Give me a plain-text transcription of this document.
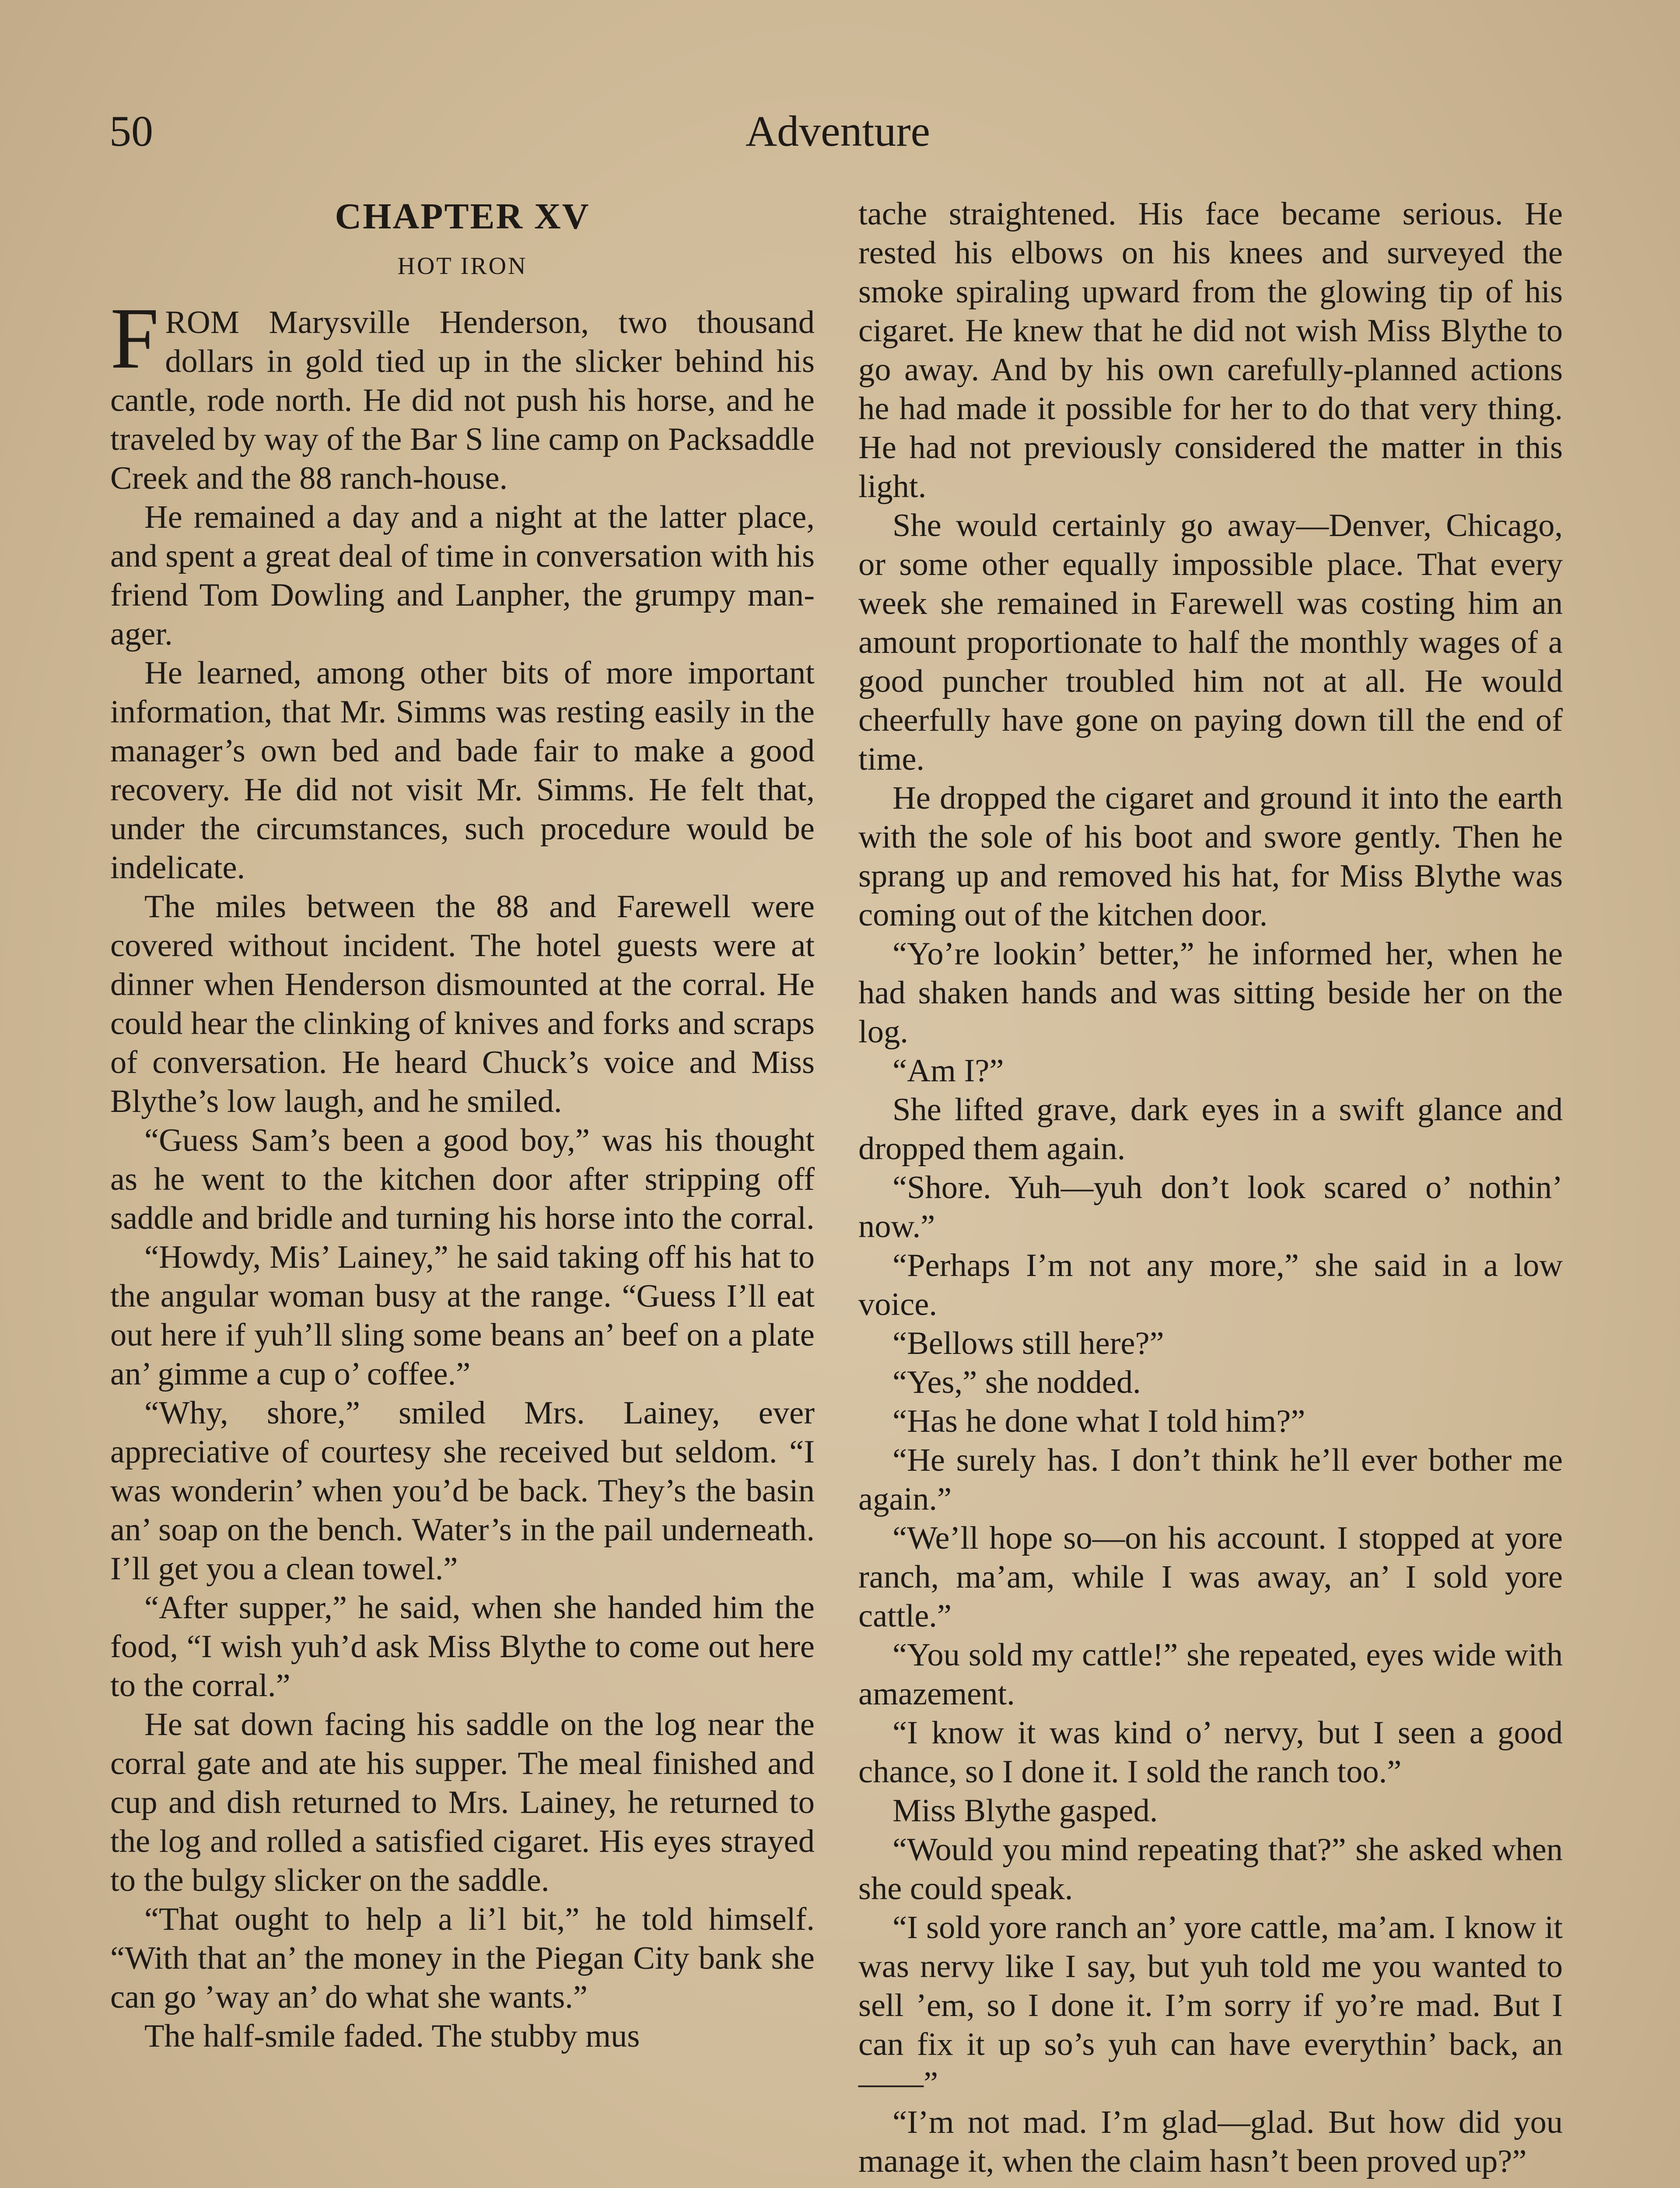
50	Adventure
CHAPTER XV
HOT IRON

FROM Marysville Henderson, two thousand dollars in gold tied up in the slicker behind his cantle, rode north. He did not push his horse, and he traveled by way of the Bar S line camp on Packsaddle Creek and the 88 ranch-house.

He remained a day and a night at the latter place, and spent a great deal of time in conversation with his friend Tom Dowling and Lanpher, the grumpy manager.

He learned, among other bits of more important information, that Mr. Simms was resting easily in the manager’s own bed and bade fair to make a good recovery. He did not visit Mr. Simms. He felt that, under the circumstances, such procedure would be indelicate.

The miles between the 88 and Farewell were covered without incident. The hotel guests were at dinner when Henderson dismounted at the corral. He could hear the clinking of knives and forks and scraps of conversation. He heard Chuck’s voice and Miss Blythe’s low laugh, and he smiled.

“Guess Sam’s been a good boy,” was his thought as he went to the kitchen door after stripping off saddle and bridle and turning his horse into the corral.

“Howdy, Mis’ Lainey,” he said taking off his hat to the angular woman busy at the range. “Guess I’ll eat out here if yuh’ll sling some beans an’ beef on a plate an’ gimme a cup o’ coffee.”

“Why, shore,” smiled Mrs. Lainey, ever appreciative of courtesy she received but seldom. “I was wonderin’ when you’d be back. They’s the basin an’ soap on the bench. Water’s in the pail underneath. I’ll get you a clean towel.”

“After supper,” he said, when she handed him the food, “I wish yuh’d ask Miss Blythe to come out here to the corral.”

He sat down facing his saddle on the log near the corral gate and ate his supper. The meal finished and cup and dish returned to Mrs. Lainey, he returned to the log and rolled a satisfied cigaret. His eyes strayed to the bulgy slicker on the saddle.

“That ought to help a li’l bit,” he told himself. “With that an’ the money in the Piegan City bank she can go ’way an’ do what she wants.”

The half-smile faded. The stubby mus

tache straightened. His face became serious. He rested his elbows on his knees and surveyed the smoke spiraling upward from the glowing tip of his cigaret. He knew that he did not wish Miss Blythe to go away. And by his own carefully-planned actions he had made it possible for her to do that very thing. He had not previously considered the matter in this light.

She would certainly go away—Denver, Chicago, or some other equally impossible place. That every week she remained in Farewell was costing him an amount proportionate to half the monthly wages of a good puncher troubled him not at all. He would cheerfully have gone on paying down till the end of time.

He dropped the cigaret and ground it into the earth with the sole of his boot and swore gently. Then he sprang up and removed his hat, for Miss Blythe was coming out of the kitchen door.

“Yo’re lookin’ better,” he informed her, when he had shaken hands and was sitting beside her on the log.

“Am I?”

She lifted grave, dark eyes in a swift glance and dropped them again.

“Shore. Yuh—yuh don’t look scared o’ nothin’ now.”

“Perhaps I’m not any more,” she said in a low voice.

“Bellows still here?”

“Yes,” she nodded.

“Has he done what I told him?”

“He surely has. I don’t think he’ll ever bother me again.”

“We’ll hope so—on his account. I stopped at yore ranch, ma’am, while I was away, an’ I sold yore cattle.”

“You sold my cattle!” she repeated, eyes wide with amazement.

“I know it was kind o’ nervy, but I seen a good chance, so I done it. I sold the ranch too.”

Miss Blythe gasped.

“Would you mind repeating that?” she asked when she could speak.

“I sold yore ranch an’ yore cattle, ma’am. I know it was nervy like I say, but yuh told me you wanted to sell ’em, so I done it. I’m sorry if yo’re mad. But I can fix it up so’s yuh can have everythin’ back, an——”

“I’m not mad. I’m glad—glad. But how did you manage it, when the claim hasn’t been proved up?”
